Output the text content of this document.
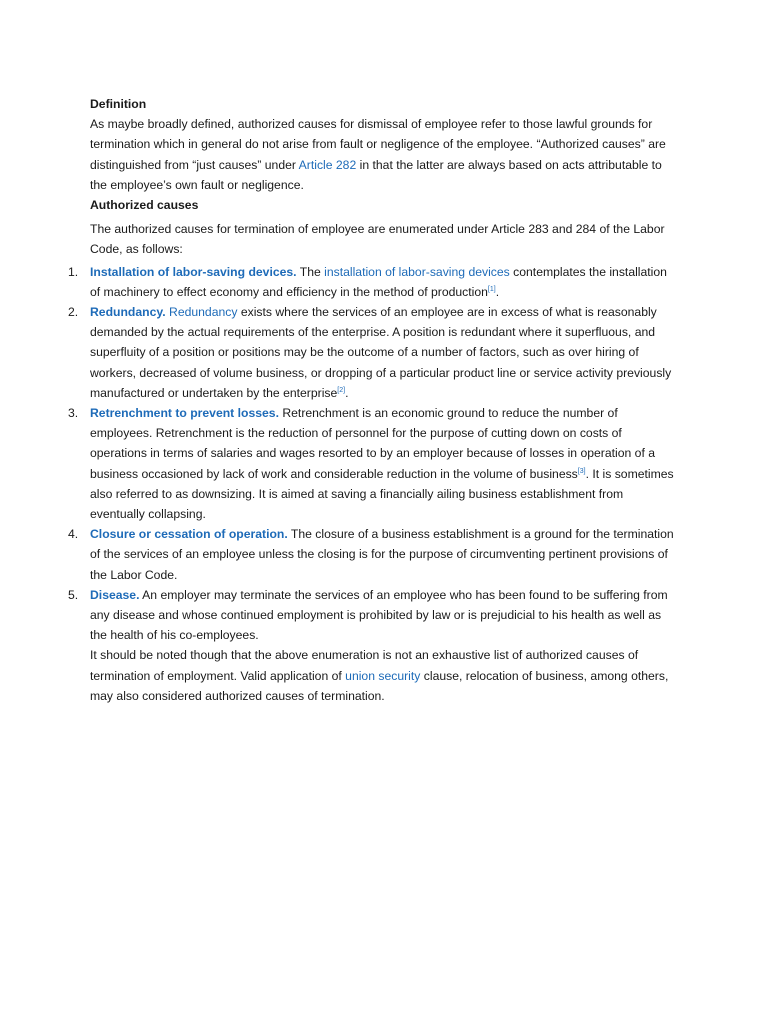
Definition

As maybe broadly defined, authorized causes for dismissal of employee refer to those lawful grounds for termination which in general do not arise from fault or negligence of the employee. “Authorized causes” are distinguished from “just causes” under Article 282 in that the latter are always based on acts attributable to the employee’s own fault or negligence.

Authorized causes

The authorized causes for termination of employee are enumerated under Article 283 and 284 of the Labor Code, as follows:

1. Installation of labor-saving devices. The installation of labor-saving devices contemplates the installation of machinery to effect economy and efficiency in the method of production[1].
2. Redundancy. Redundancy exists where the services of an employee are in excess of what is reasonably demanded by the actual requirements of the enterprise. A position is redundant where it superfluous, and superfluity of a position or positions may be the outcome of a number of factors, such as over hiring of workers, decreased of volume business, or dropping of a particular product line or service activity previously manufactured or undertaken by the enterprise[2].
3. Retrenchment to prevent losses. Retrenchment is an economic ground to reduce the number of employees. Retrenchment is the reduction of personnel for the purpose of cutting down on costs of operations in terms of salaries and wages resorted to by an employer because of losses in operation of a business occasioned by lack of work and considerable reduction in the volume of business[3]. It is sometimes also referred to as downsizing. It is aimed at saving a financially ailing business establishment from eventually collapsing.
4. Closure or cessation of operation. The closure of a business establishment is a ground for the termination of the services of an employee unless the closing is for the purpose of circumventing pertinent provisions of the Labor Code.
5. Disease. An employer may terminate the services of an employee who has been found to be suffering from any disease and whose continued employment is prohibited by law or is prejudicial to his health as well as the health of his co-employees.

It should be noted though that the above enumeration is not an exhaustive list of authorized causes of termination of employment. Valid application of union security clause, relocation of business, among others, may also considered authorized causes of termination.
